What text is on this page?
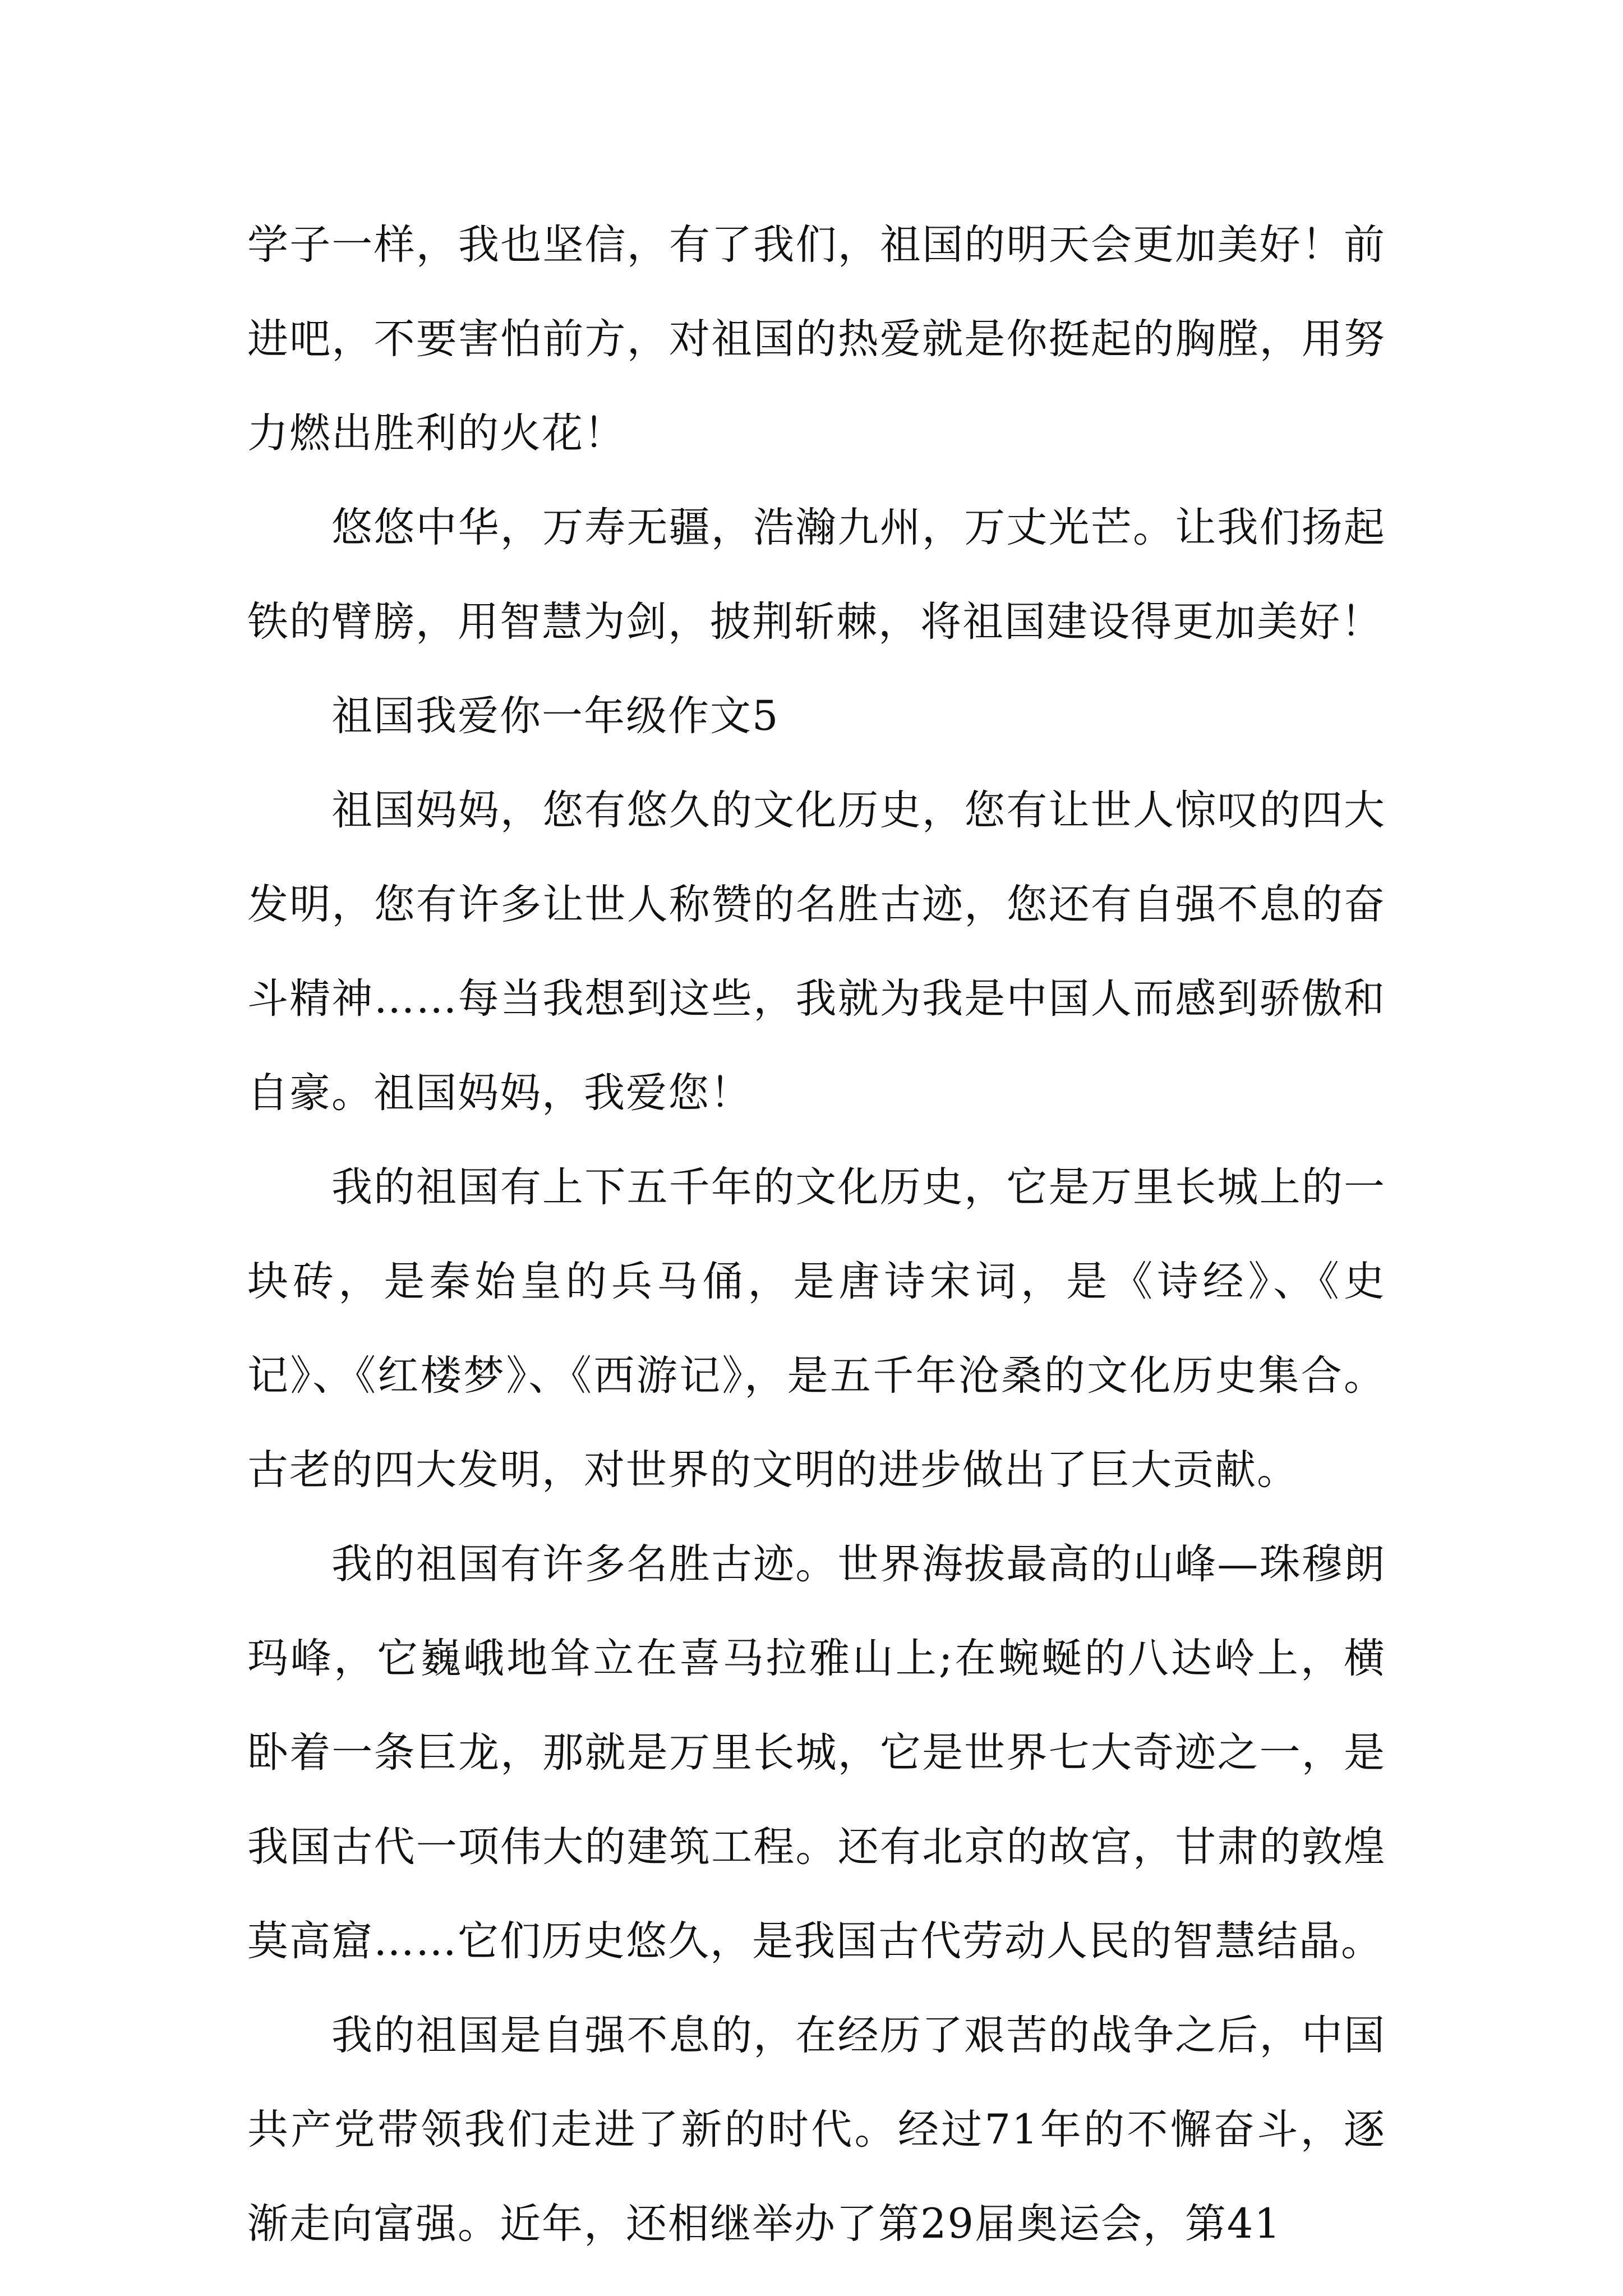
学子一样，我也坚信，有了我们，祖国的明天会更加美好！前进吧，不要害怕前方，对祖国的热爱就是你挺起的胸膛，用努力燃出胜利的火花！

悠悠中华，万寿无疆，浩瀚九州，万丈光芒。让我们扬起铁的臂膀，用智慧为剑，披荆斩棘，将祖国建设得更加美好！

祖国我爱你一年级作文5

祖国妈妈，您有悠久的文化历史，您有让世人惊叹的四大发明，您有许多让世人称赞的名胜古迹，您还有自强不息的奋斗精神……每当我想到这些，我就为我是中国人而感到骄傲和自豪。祖国妈妈，我爱您！

我的祖国有上下五千年的文化历史，它是万里长城上的一块砖，是秦始皇的兵马俑，是唐诗宋词，是《诗经》、《史记》、《红楼梦》、《西游记》，是五千年沧桑的文化历史集合。古老的四大发明，对世界的文明的进步做出了巨大贡献。

我的祖国有许多名胜古迹。世界海拔最高的山峰—珠穆朗玛峰，它巍峨地耸立在喜马拉雅山上;在蜿蜒的八达岭上，横卧着一条巨龙，那就是万里长城，它是世界七大奇迹之一，是我国古代一项伟大的建筑工程。还有北京的故宫，甘肃的敦煌莫高窟……它们历史悠久，是我国古代劳动人民的智慧结晶。

我的祖国是自强不息的，在经历了艰苦的战争之后，中国共产党带领我们走进了新的时代。经过71年的不懈奋斗，逐渐走向富强。近年，还相继举办了第29届奥运会，第41
